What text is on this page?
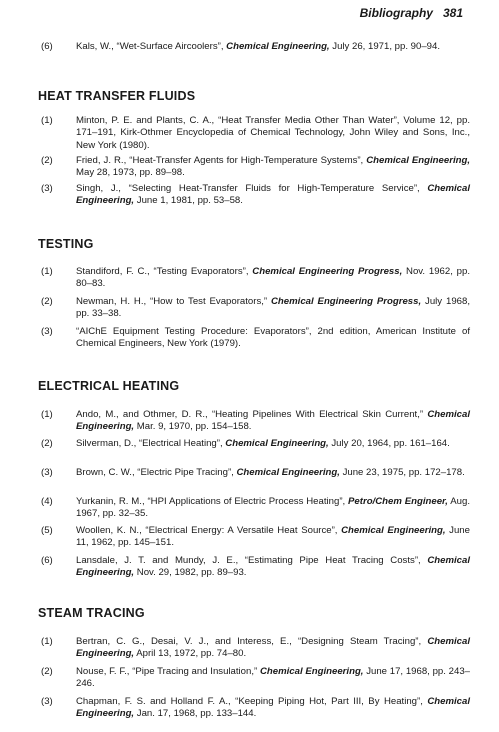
Bibliography 381
(6) Kals, W., “Wet-Surface Aircoolers”, Chemical Engineering, July 26, 1971, pp. 90–94.
HEAT TRANSFER FLUIDS
(1) Minton, P. E. and Plants, C. A., “Heat Transfer Media Other Than Water”, Volume 12, pp. 171–191, Kirk-Othmer Encyclopedia of Chemical Technology, John Wiley and Sons, Inc., New York (1980).
(2) Fried, J. R., “Heat-Transfer Agents for High-Temperature Systems”, Chemical Engineering, May 28, 1973, pp. 89–98.
(3) Singh, J., “Selecting Heat-Transfer Fluids for High-Temperature Service”, Chemical Engineering, June 1, 1981, pp. 53–58.
TESTING
(1) Standiford, F. C., “Testing Evaporators”, Chemical Engineering Progress, Nov. 1962, pp. 80–83.
(2) Newman, H. H., “How to Test Evaporators,” Chemical Engineering Progress, July 1968, pp. 33–38.
(3) “AIChE Equipment Testing Procedure: Evaporators”, 2nd edition, American Institute of Chemical Engineers, New York (1979).
ELECTRICAL HEATING
(1) Ando, M., and Othmer, D. R., “Heating Pipelines With Electrical Skin Current,” Chemical Engineering, Mar. 9, 1970, pp. 154–158.
(2) Silverman, D., “Electrical Heating”, Chemical Engineering, July 20, 1964, pp. 161–164.
(3) Brown, C. W., “Electric Pipe Tracing”, Chemical Engineering, June 23, 1975, pp. 172–178.
(4) Yurkanin, R. M., “HPI Applications of Electric Process Heating”, Petro/Chem Engineer, Aug. 1967, pp. 32–35.
(5) Woollen, K. N., “Electrical Energy: A Versatile Heat Source”, Chemical Engineering, June 11, 1962, pp. 145–151.
(6) Lansdale, J. T. and Mundy, J. E., “Estimating Pipe Heat Tracing Costs”, Chemical Engineering, Nov. 29, 1982, pp. 89–93.
STEAM TRACING
(1) Bertran, C. G., Desai, V. J., and Interess, E., “Designing Steam Tracing”, Chemical Engineering, April 13, 1972, pp. 74–80.
(2) Nouse, F. F., “Pipe Tracing and Insulation,” Chemical Engineering, June 17, 1968, pp. 243–246.
(3) Chapman, F. S. and Holland F. A., “Keeping Piping Hot, Part III, By Heating”, Chemical Engineering, Jan. 17, 1968, pp. 133–144.
